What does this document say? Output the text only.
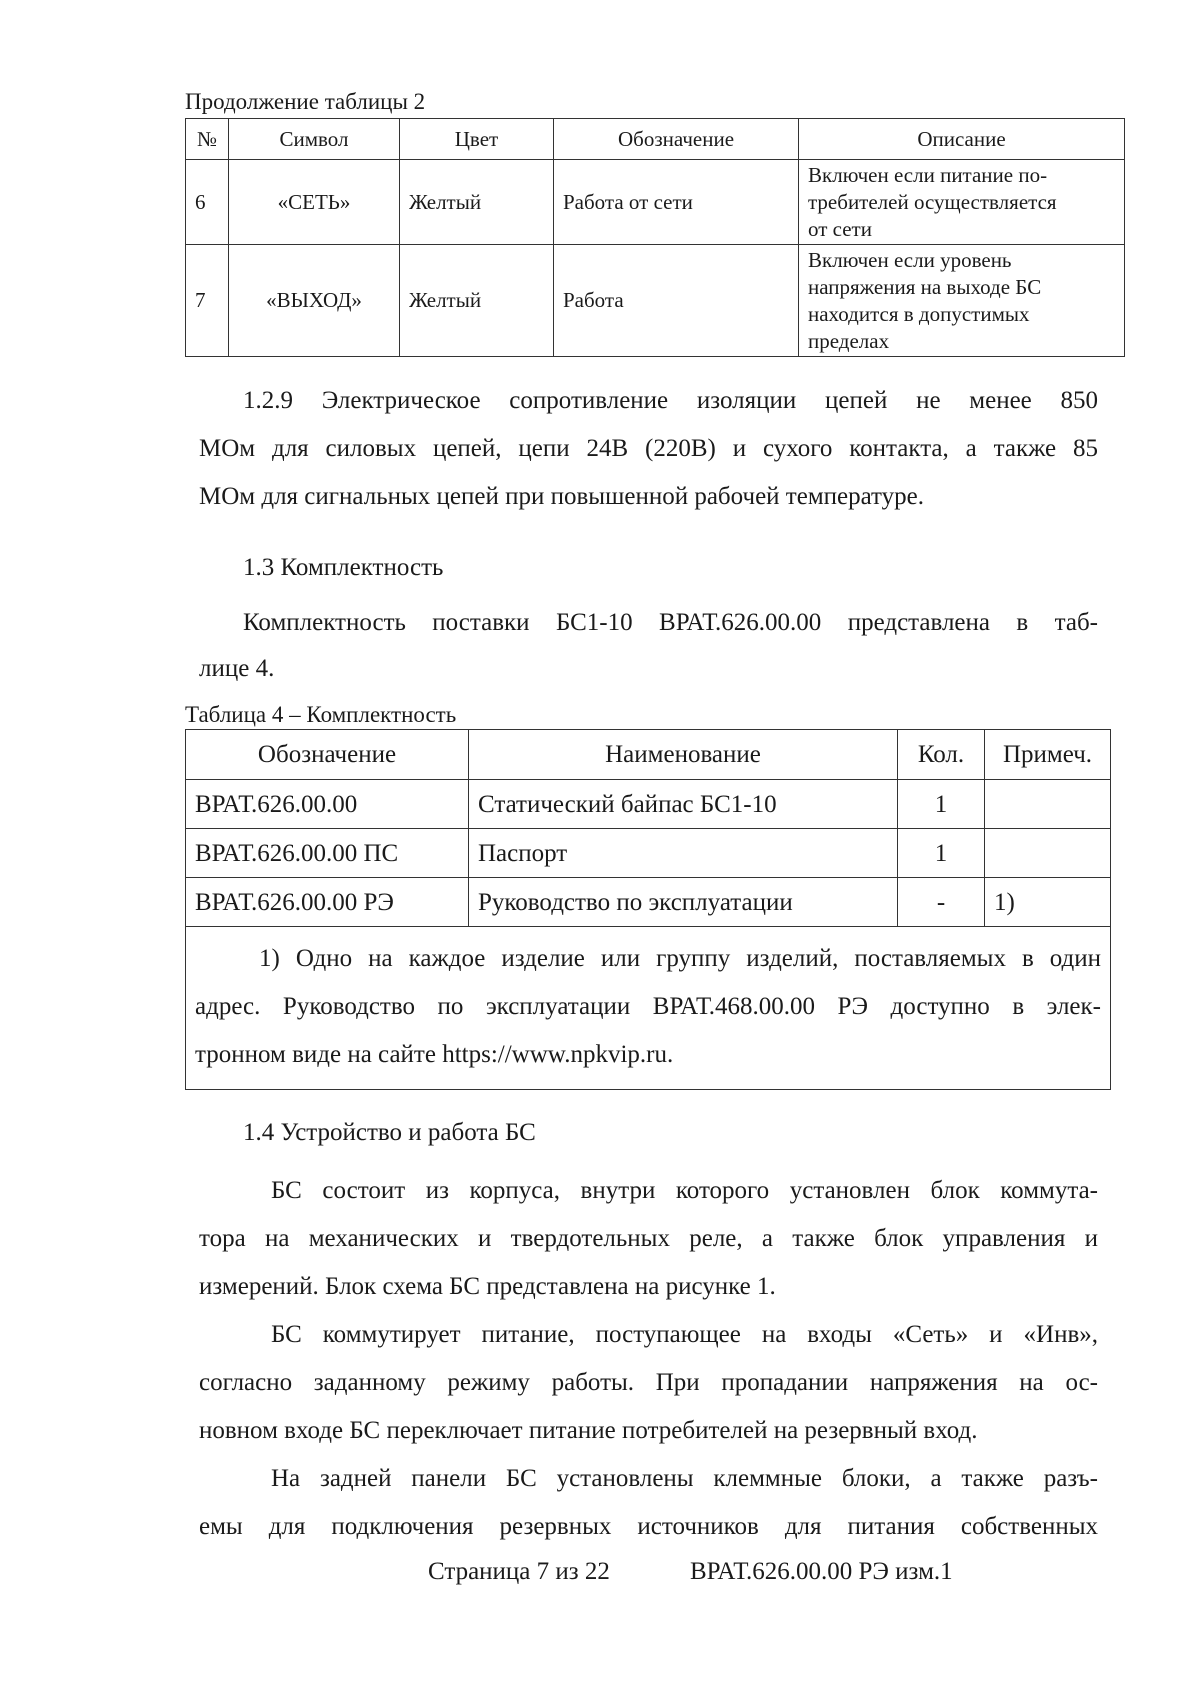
Продолжение таблицы 2
№	Символ	Цвет	Обозначение	Описание
6	«СЕТЬ»	Желтый	Работа от сети	Включен если питание по-
требителей осуществляется
от сети

7	«ВЫХОД»	Желтый	Работа	Включен если уровень
напряжения на выходе БС
находится в допустимых
пределах
1.2.9 Электрическое сопротивление изоляции цепей не менее 850
МОм для силовых цепей, цепи 24В (220В) и сухого контакта, а также 85
МОм для сигнальных цепей при повышенной рабочей температуре.
1.3 Комплектность
Комплектность поставки БС1-10 ВРАТ.626.00.00 представлена в таб-
лице 4.
Таблица 4 – Комплектность
Обозначение	Наименование	Кол.	Примеч.
ВРАТ.626.00.00	Статический байпас БС1-10	1	
ВРАТ.626.00.00 ПС	Паспорт	1	
ВРАТ.626.00.00 РЭ	Руководство по эксплуатации	-	1)

1) Одно на каждое изделие или группу изделий, поставляемых в один
адрес. Руководство по эксплуатации ВРАТ.468.00.00 РЭ доступно в элек-
тронном виде на сайте https://www.npkvip.ru.			
1.4 Устройство и работа БС
БС состоит из корпуса, внутри которого установлен блок коммута-
тора на механических и твердотельных реле, а также блок управления и
измерений. Блок схема БС представлена на рисунке 1.
БС коммутирует питание, поступающее на входы «Сеть» и «Инв»,
согласно заданному режиму работы. При пропадании напряжения на ос-
новном входе БС переключает питание потребителей на резервный вход.
На задней панели БС установлены клеммные блоки, а также разъ-
емы для подключения резервных источников для питания собственных
Страница 7 из 22	ВРАТ.626.00.00 РЭ изм.1
